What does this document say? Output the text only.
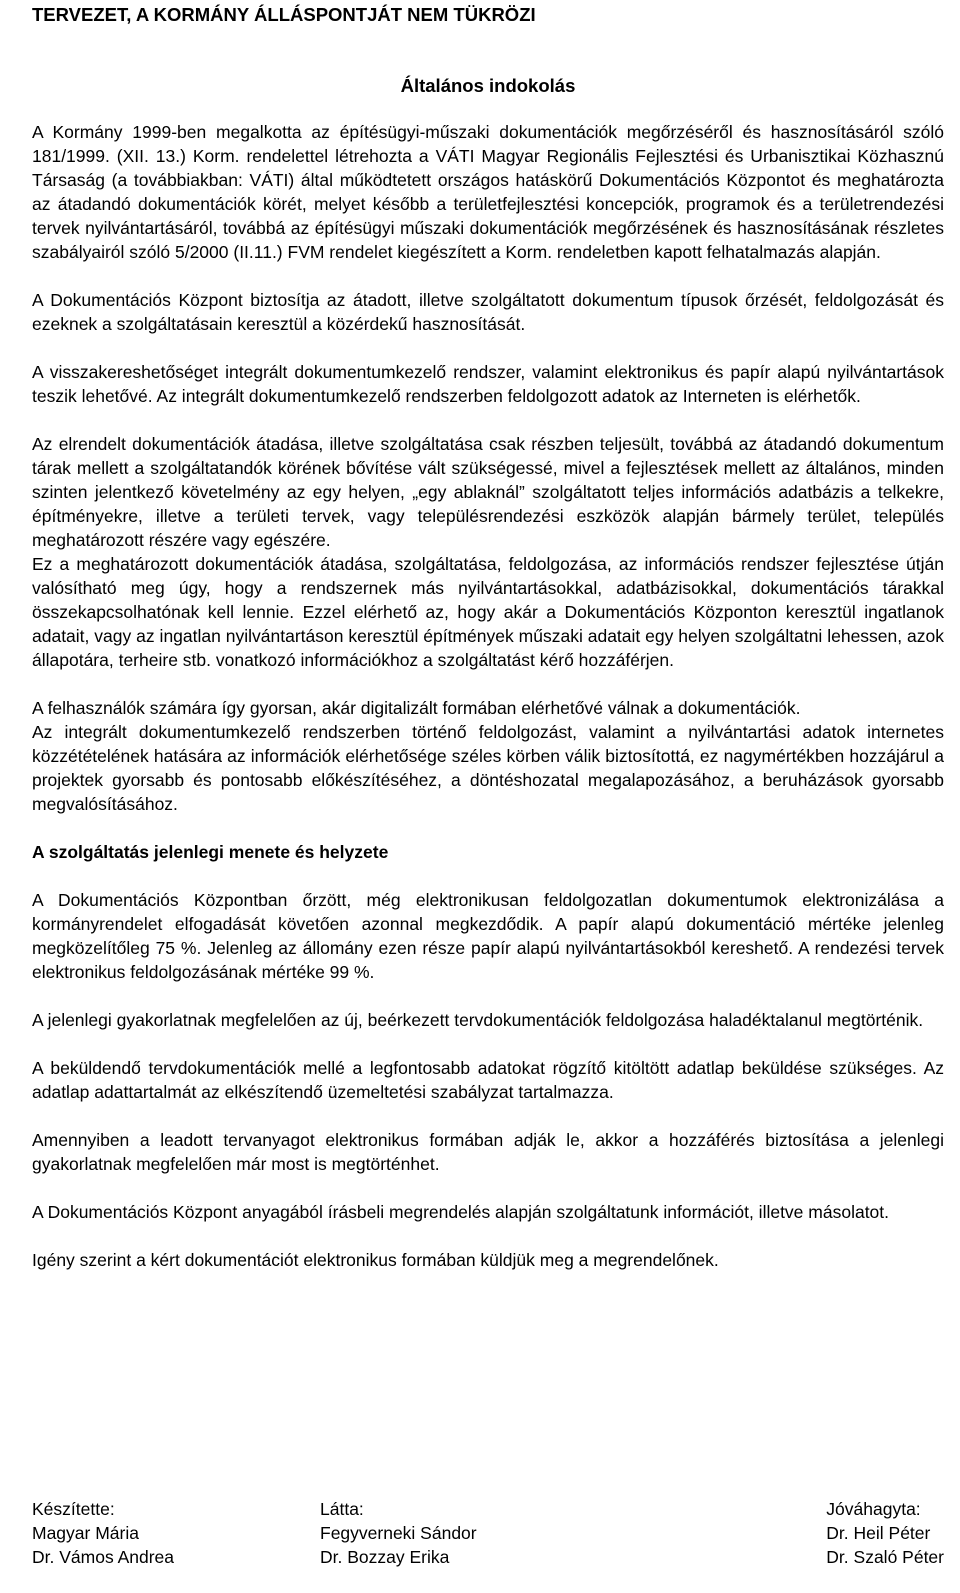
TERVEZET, A KORMÁNY ÁLLÁSPONTJÁT NEM TÜKRÖZI
Általános indokolás

A Kormány 1999-ben megalkotta az építésügyi-műszaki dokumentációk megőrzéséről és hasznosításáról szóló 181/1999. (XII. 13.) Korm. rendelettel létrehozta a VÁTI Magyar Regionális Fejlesztési és Urbanisztikai Közhasznú Társaság (a továbbiakban: VÁTI) által működtetett országos hatáskörű Dokumentációs Központot és meghatározta az átadandó dokumentációk körét, melyet később a területfejlesztési koncepciók, programok és a területrendezési tervek nyilvántartásáról, továbbá az építésügyi műszaki dokumentációk megőrzésének és hasznosításának részletes szabályairól szóló 5/2000 (II.11.) FVM rendelet kiegészített a Korm. rendeletben kapott felhatalmazás alapján.

A Dokumentációs Központ biztosítja az átadott, illetve szolgáltatott dokumentum típusok őrzését, feldolgozását és ezeknek a szolgáltatásain keresztül a közérdekű hasznosítását.

A visszakereshetőséget integrált dokumentumkezelő rendszer, valamint elektronikus és papír alapú nyilvántartások teszik lehetővé. Az integrált dokumentumkezelő rendszerben feldolgozott adatok az Interneten is elérhetők.

Az elrendelt dokumentációk átadása, illetve szolgáltatása csak részben teljesült, továbbá az átadandó dokumentum tárak mellett a szolgáltatandók körének bővítése vált szükségessé, mivel a fejlesztések mellett az általános, minden szinten jelentkező követelmény az egy helyen, „egy ablaknál” szolgáltatott teljes információs adatbázis a telkekre, építményekre, illetve a területi tervek, vagy településrendezési eszközök alapján bármely terület, település meghatározott részére vagy egészére.

Ez a meghatározott dokumentációk átadása, szolgáltatása, feldolgozása, az információs rendszer fejlesztése útján valósítható meg úgy, hogy a rendszernek más nyilvántartásokkal, adatbázisokkal, dokumentációs tárakkal összekapcsolhatónak kell lennie. Ezzel elérhető az, hogy akár a Dokumentációs Központon keresztül ingatlanok adatait, vagy az ingatlan nyilvántartáson keresztül építmények műszaki adatait egy helyen szolgáltatni lehessen, azok állapotára, terheire stb. vonatkozó információkhoz a szolgáltatást kérő hozzáférjen.

A felhasználók számára így gyorsan, akár digitalizált formában elérhetővé válnak a dokumentációk.

Az integrált dokumentumkezelő rendszerben történő feldolgozást, valamint a nyilvántartási adatok internetes közzétételének hatására az információk elérhetősége széles körben válik biztosítottá, ez nagymértékben hozzájárul a projektek gyorsabb és pontosabb előkészítéséhez, a döntéshozatal megalapozásához, a beruházások gyorsabb megvalósításához.

A szolgáltatás jelenlegi menete és helyzete

A Dokumentációs Központban őrzött, még elektronikusan feldolgozatlan dokumentumok elektronizálása a kormányrendelet elfogadását követően azonnal megkezdődik. A papír alapú dokumentáció mértéke jelenleg megközelítőleg 75 %. Jelenleg az állomány ezen része papír alapú nyilvántartásokból kereshető. A rendezési tervek elektronikus feldolgozásának mértéke 99 %.

A jelenlegi gyakorlatnak megfelelően az új, beérkezett tervdokumentációk feldolgozása haladéktalanul megtörténik.

A beküldendő tervdokumentációk mellé a legfontosabb adatokat rögzítő kitöltött adatlap beküldése szükséges. Az adatlap adattartalmát az elkészítendő üzemeltetési szabályzat tartalmazza.

Amennyiben a leadott tervanyagot elektronikus formában adják le, akkor a hozzáférés biztosítása a jelenlegi gyakorlatnak megfelelően már most is megtörténhet.

A Dokumentációs Központ anyagából írásbeli megrendelés alapján szolgáltatunk információt, illetve másolatot.

Igény szerint a kért dokumentációt elektronikus formában küldjük meg a megrendelőnek.

Készítette:
Magyar Mária
Dr. Vámos Andrea
Látta:
Fegyverneki Sándor
Dr. Bozzay Erika
Jóváhagyta:
Dr. Heil Péter
Dr. Szaló Péter
